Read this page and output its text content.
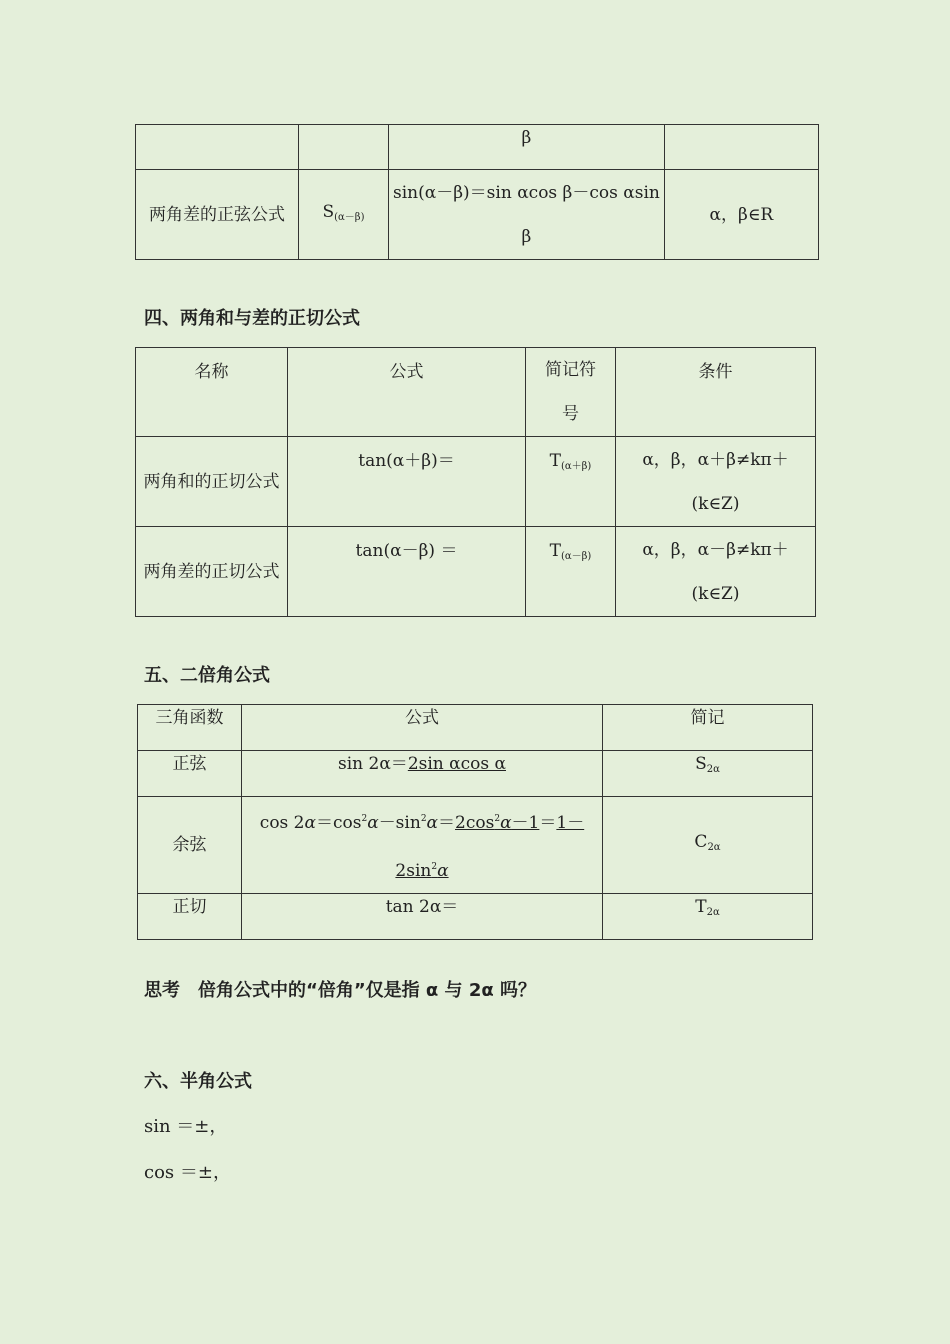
		β	

两角差的正弦公式	$S_{(\alpha-\beta)}$	sin(α－β)＝sin αcos β－cos αsin
β	α，β∈R
四、两角和与差的正切公式
名称	公式	简记符号	条件

两角和的正切公式	tan(α＋β)＝	$T_{(\alpha+\beta)}$	α，β，α＋β≠kπ＋
(k∈Z)

两角差的正切公式	tan(α－β) ＝	$T_{(\alpha-\beta)}$	α，β，α－β≠kπ＋
(k∈Z)
五、二倍角公式
三角函数	公式	简记
正弦	sin 2α＝2sin αcos α	$S_{2\alpha}$
余弦	$\cos 2\alpha=\cos^2\alpha-\sin^2\alpha=2\cos^2\alpha-1=1-$
$2\sin^2\alpha$	$C_{2\alpha}$
正切	tan 2α＝	$T_{2\alpha}$
思考　倍角公式中的“倍角”仅是指 α 与 2α 吗？
六、半角公式
sin ＝±，
cos ＝±，
